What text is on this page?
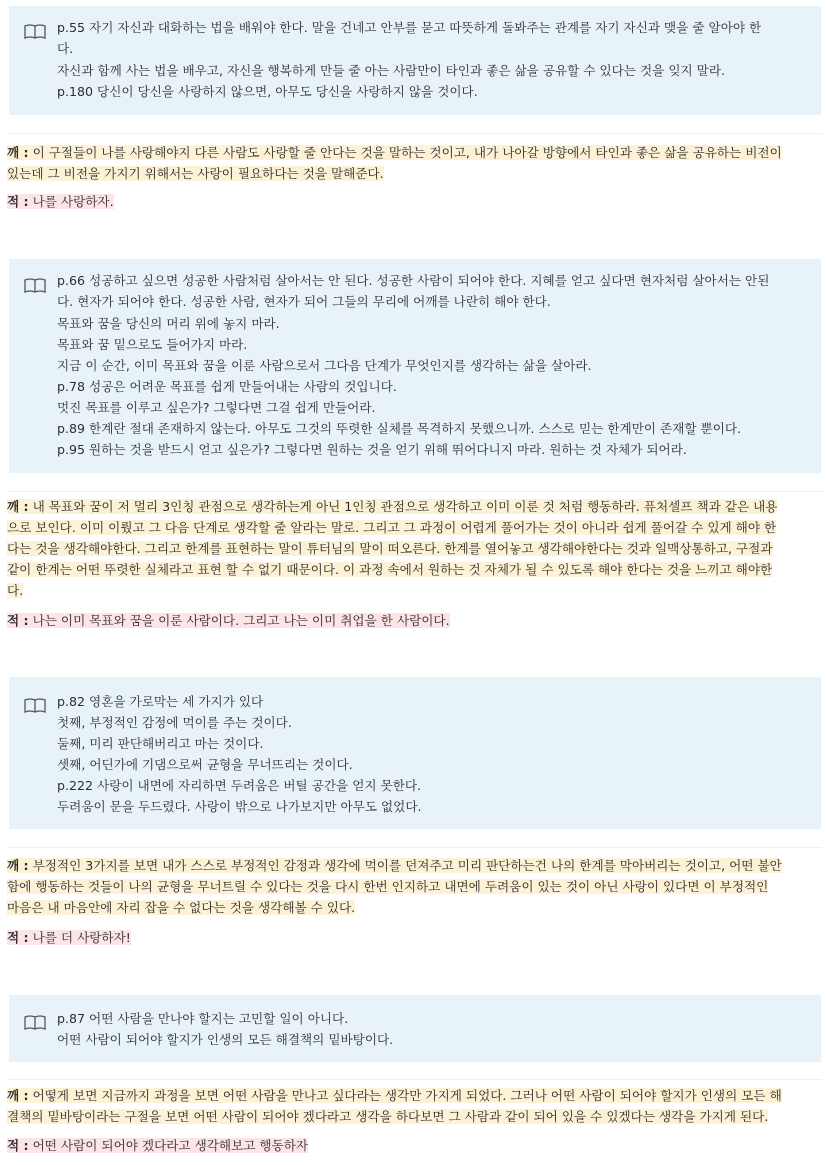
p.55 자기 자신과 대화하는 법을 배워야 한다. 말을 건네고 안부를 묻고 따뜻하게 돌봐주는 관계를 자기 자신과 맺을 줄 알아야 한
다.
자신과 함께 사는 법을 배우고, 자신을 행복하게 만들 줄 아는 사람만이 타인과 좋은 삶을 공유할 수 있다는 것을 잊지 말라.
p.180 당신이 당신을 사랑하지 않으면, 아무도 당신을 사랑하지 않을 것이다.
깨 : 이 구절들이 나를 사랑해야지 다른 사람도 사랑할 줄 안다는 것을 말하는 것이고, 내가 나아갈 방향에서 타인과 좋은 삶을 공유하는 비전이
있는데 그 비전을 가지기 위해서는 사랑이 필요하다는 것을 말해준다.
적 : 나를 사랑하자.
p.66 성공하고 싶으면 성공한 사람처럼 살아서는 안 된다. 성공한 사람이 되어야 한다. 지혜를 얻고 싶다면 현자처럼 살아서는 안된
다. 현자가 되어야 한다. 성공한 사람, 현자가 되어 그들의 무리에 어깨를 나란히 해야 한다.
목표와 꿈을 당신의 머리 위에 놓지 마라.
목표와 꿈 밑으로도 들어가지 마라.
지금 이 순간, 이미 목표와 꿈을 이룬 사람으로서 그다음 단계가 무엇인지를 생각하는 삶을 살아라.
p.78 성공은 어려운 목표를 쉽게 만들어내는 사람의 것입니다.
멋진 목표를 이루고 싶은가? 그렇다면 그걸 쉽게 만들어라.
p.89 한계란 절대 존재하지 않는다. 아무도 그것의 뚜렷한 실체를 목격하지 못했으니까. 스스로 믿는 한계만이 존재할 뿐이다.
p.95 원하는 것을 받드시 얻고 싶은가? 그렇다면 원하는 것을 얻기 위해 뛰어다니지 마라. 원하는 것 자체가 되어라.
깨 : 내 목표와 꿈이 저 멀리 3인칭 관점으로 생각하는게 아닌 1인칭 관점으로 생각하고 이미 이룬 것 처럼 행동하라. 퓨처셀프 책과 같은 내용
으로 보인다. 이미 이뤘고 그 다음 단계로 생각할 줄 알라는 말로. 그리고 그 과정이 어렵게 풀어가는 것이 아니라 쉽게 풀어갈 수 있게 해야 한
다는 것을 생각해야한다. 그리고 한계를 표현하는 말이 튜터님의 말이 떠오른다. 한계를 열어놓고 생각해야한다는 것과 일맥상통하고, 구절과
같이 한계는 어떤 뚜렷한 실체라고 표현 할 수 없기 때문이다. 이 과정 속에서 원하는 것 자체가 될 수 있도록 해야 한다는 것을 느끼고 해야한
다.
적 : 나는 이미 목표와 꿈을 이룬 사람이다. 그리고 나는 이미 취업을 한 사람이다.
p.82 영혼을 가로막는 세 가지가 있다
첫째, 부정적인 감정에 먹이를 주는 것이다.
둘째, 미리 판단해버리고 마는 것이다.
셋째, 어딘가에 기댐으로써 균형을 무너뜨리는 것이다.
p.222 사랑이 내면에 자리하면 두려움은 버틸 공간을 얻지 못한다.
두려움이 문을 두드렸다. 사랑이 밖으로 나가보지만 아무도 없었다.
깨 : 부정적인 3가지를 보면 내가 스스로 부정적인 감정과 생각에 먹이를 던져주고 미리 판단하는건 나의 한계를 막아버리는 것이고, 어떤 불안
함에 행동하는 것들이 나의 균형을 무너트릴 수 있다는 것을 다시 한번 인지하고 내면에 두려움이 있는 것이 아닌 사랑이 있다면 이 부정적인
마음은 내 마음안에 자리 잡을 수 없다는 것을 생각해볼 수 있다.
적 : 나를 더 사랑하자!
p.87 어떤 사람을 만나야 할지는 고민할 일이 아니다.
어떤 사람이 되어야 할지가 인생의 모든 해결책의 밑바탕이다.
깨 : 어떻게 보면 지금까지 과정을 보면 어떤 사람을 만나고 싶다라는 생각만 가지게 되었다. 그러나 어떤 사람이 되어야 할지가 인생의 모든 해
결책의 밑바탕이라는 구절을 보면 어떤 사람이 되어야 겠다라고 생각을 하다보면 그 사람과 같이 되어 있을 수 있겠다는 생각을 가지게 된다.
적 : 어떤 사람이 되어야 겠다라고 생각해보고 행동하자
